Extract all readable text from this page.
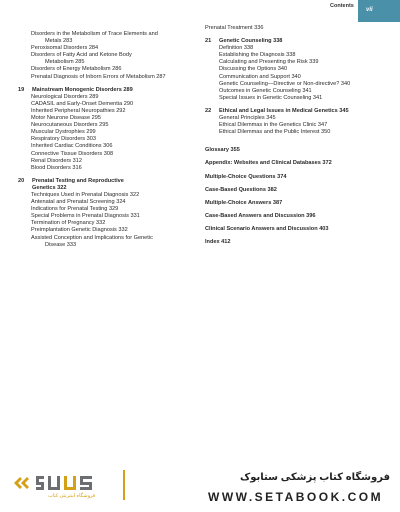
Contents
vii
Disorders in the Metabolism of Trace Elements and
Metals 283
Peroxisomal Disorders 284
Disorders of Fatty Acid and Ketone Body
Metabolism 285
Disorders of Energy Metabolism 286
Prenatal Diagnosis of Inborn Errors of Metabolism 287
19	Mainstream Monogenic Disorders 289
Neurological Disorders 289
CADASIL and Early-Onset Dementia 290
Inherited Peripheral Neuropathies 292
Motor Neurone Disease 295
Neurocutaneous Disorders 295
Muscular Dystrophies 299
Respiratory Disorders 303
Inherited Cardiac Conditions 306
Connective Tissue Disorders 308
Renal Disorders 312
Blood Disorders 316
20	Prenatal Testing and Reproductive
Genetics 322
Techniques Used in Prenatal Diagnosis 322
Antenatal and Prenatal Screening 324
Indications for Prenatal Testing 329
Special Problems in Prenatal Diagnosis 331
Termination of Pregnancy 332
Preimplantation Genetic Diagnosis 332
Assisted Conception and Implications for Genetic
Disease 333
Prenatal Treatment 336
21	Genetic Counseling 338
Definition 338
Establishing the Diagnosis 338
Calculating and Presenting the Risk 339
Discussing the Options 340
Communication and Support 340
Genetic Counseling—Directive or Non-directive? 340
Outcomes in Genetic Counseling 341
Special Issues in Genetic Counseling 341
22	Ethical and Legal Issues in Medical Genetics 345
General Principles 345
Ethical Dilemmas in the Genetics Clinic 347
Ethical Dilemmas and the Public Interest 350
Glossary 355
Appendix: Websites and Clinical Databases 372
Multiple-Choice Questions 374
Case-Based Questions 382
Multiple-Choice Answers 387
Case-Based Answers and Discussion 396
Clinical Scenario Answers and Discussion 403
Index 412
فروشگاه اینترنتی کتاب
فروشگاه کتاب پزشکی ستابوک
WWW.SETABOOK.COM
